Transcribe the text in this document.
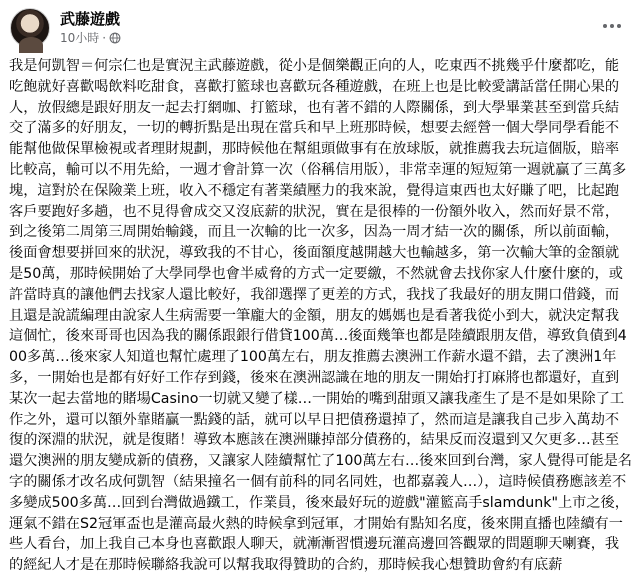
武藤遊戲
10小時 ·
我是何凱智＝何宗仁也是實況主武藤遊戲，從小是個樂觀正向的人，吃東西不挑幾乎什麼都吃，能吃飽就好喜歡喝飲料吃甜食，喜歡打籃球也喜歡玩各種遊戲，在班上也是比較愛講話當任開心果的人，放假總是跟好朋友一起去打網咖、打籃球，也有著不錯的人際關係，到大學畢業甚至到當兵結交了滿多的好朋友，一切的轉折點是出現在當兵和早上班那時候，想要去經營一個大學同學看能不能幫他做保單檢視或者理財規劃，那時候他在幫組頭做事有在放球版，就推薦我去玩這個版，賠率比較高，輸可以不用先給，一週才會計算一次（俗稱信用版），非常幸運的短短第一週就贏了三萬多塊，這對於在保險業上班，收入不穩定有著業績壓力的我來說，覺得這東西也太好賺了吧，比起跑客戶要跑好多趟，也不見得會成交又沒底薪的狀況，實在是很棒的一份額外收入，然而好景不常，到之後第二周第三周開始輸錢，而且一次輸的比一次多，因為一周才結一次的關係，所以前面輸，後面會想要拼回來的狀況，導致我的不甘心，後面額度越開越大也輸越多，第一次輸大筆的金額就是50萬，那時候開始了大學同學也會半威脅的方式一定要繳，不然就會去找你家人什麼什麼的，或許當時真的讓他們去找家人還比較好，我卻選擇了更差的方式，我找了我最好的朋友開口借錢，而且還是說謊編理由說家人生病需要一筆龐大的金額，朋友的媽媽也是看著我從小到大，就決定幫我這個忙，後來哥哥也因為我的關係跟銀行借貸100萬…後面幾筆也都是陸續跟朋友借，導致負債到400多萬…後來家人知道也幫忙處理了100萬左右，朋友推薦去澳洲工作薪水還不錯，去了澳洲1年多，一開始也是都有好好工作存到錢，後來在澳洲認識在地的朋友一開始打打麻將也都還好，直到某次一起去當地的賭場Casino一切就又變了樣…一開始的嘴到甜頭又讓我產生了是不是如果除了工作之外，還可以額外靠賭贏一點錢的話，就可以早日把債務還掉了，然而這是讓我自己步入萬劫不復的深淵的狀況，就是復賭！導致本應該在澳洲賺掉部分債務的，結果反而沒還到又欠更多…甚至還欠澳洲的朋友變成新的債務，又讓家人陸續幫忙了100萬左右…後來回到台灣，家人覺得可能是名字的關係才改名成何凱智（結果撞名一個有前科的同名同姓，也都嘉義人…），這時候債務應該差不多變成500多萬…回到台灣做過鐵工，作業員，後來最好玩的遊戲"灌籃高手slamdunk"上市之後，運氣不錯在S2冠軍盃也是灌高最火熱的時候拿到冠軍，才開始有點知名度，後來開直播也陸續有一些人看台，加上我自己本身也喜歡跟人聊天，就漸漸習慣邊玩灌高邊回答觀眾的問題聊天喇賽，我的經紀人才是在那時候聯絡我說可以幫我取得贊助的合約，那時候我心想贊助會約有底薪
